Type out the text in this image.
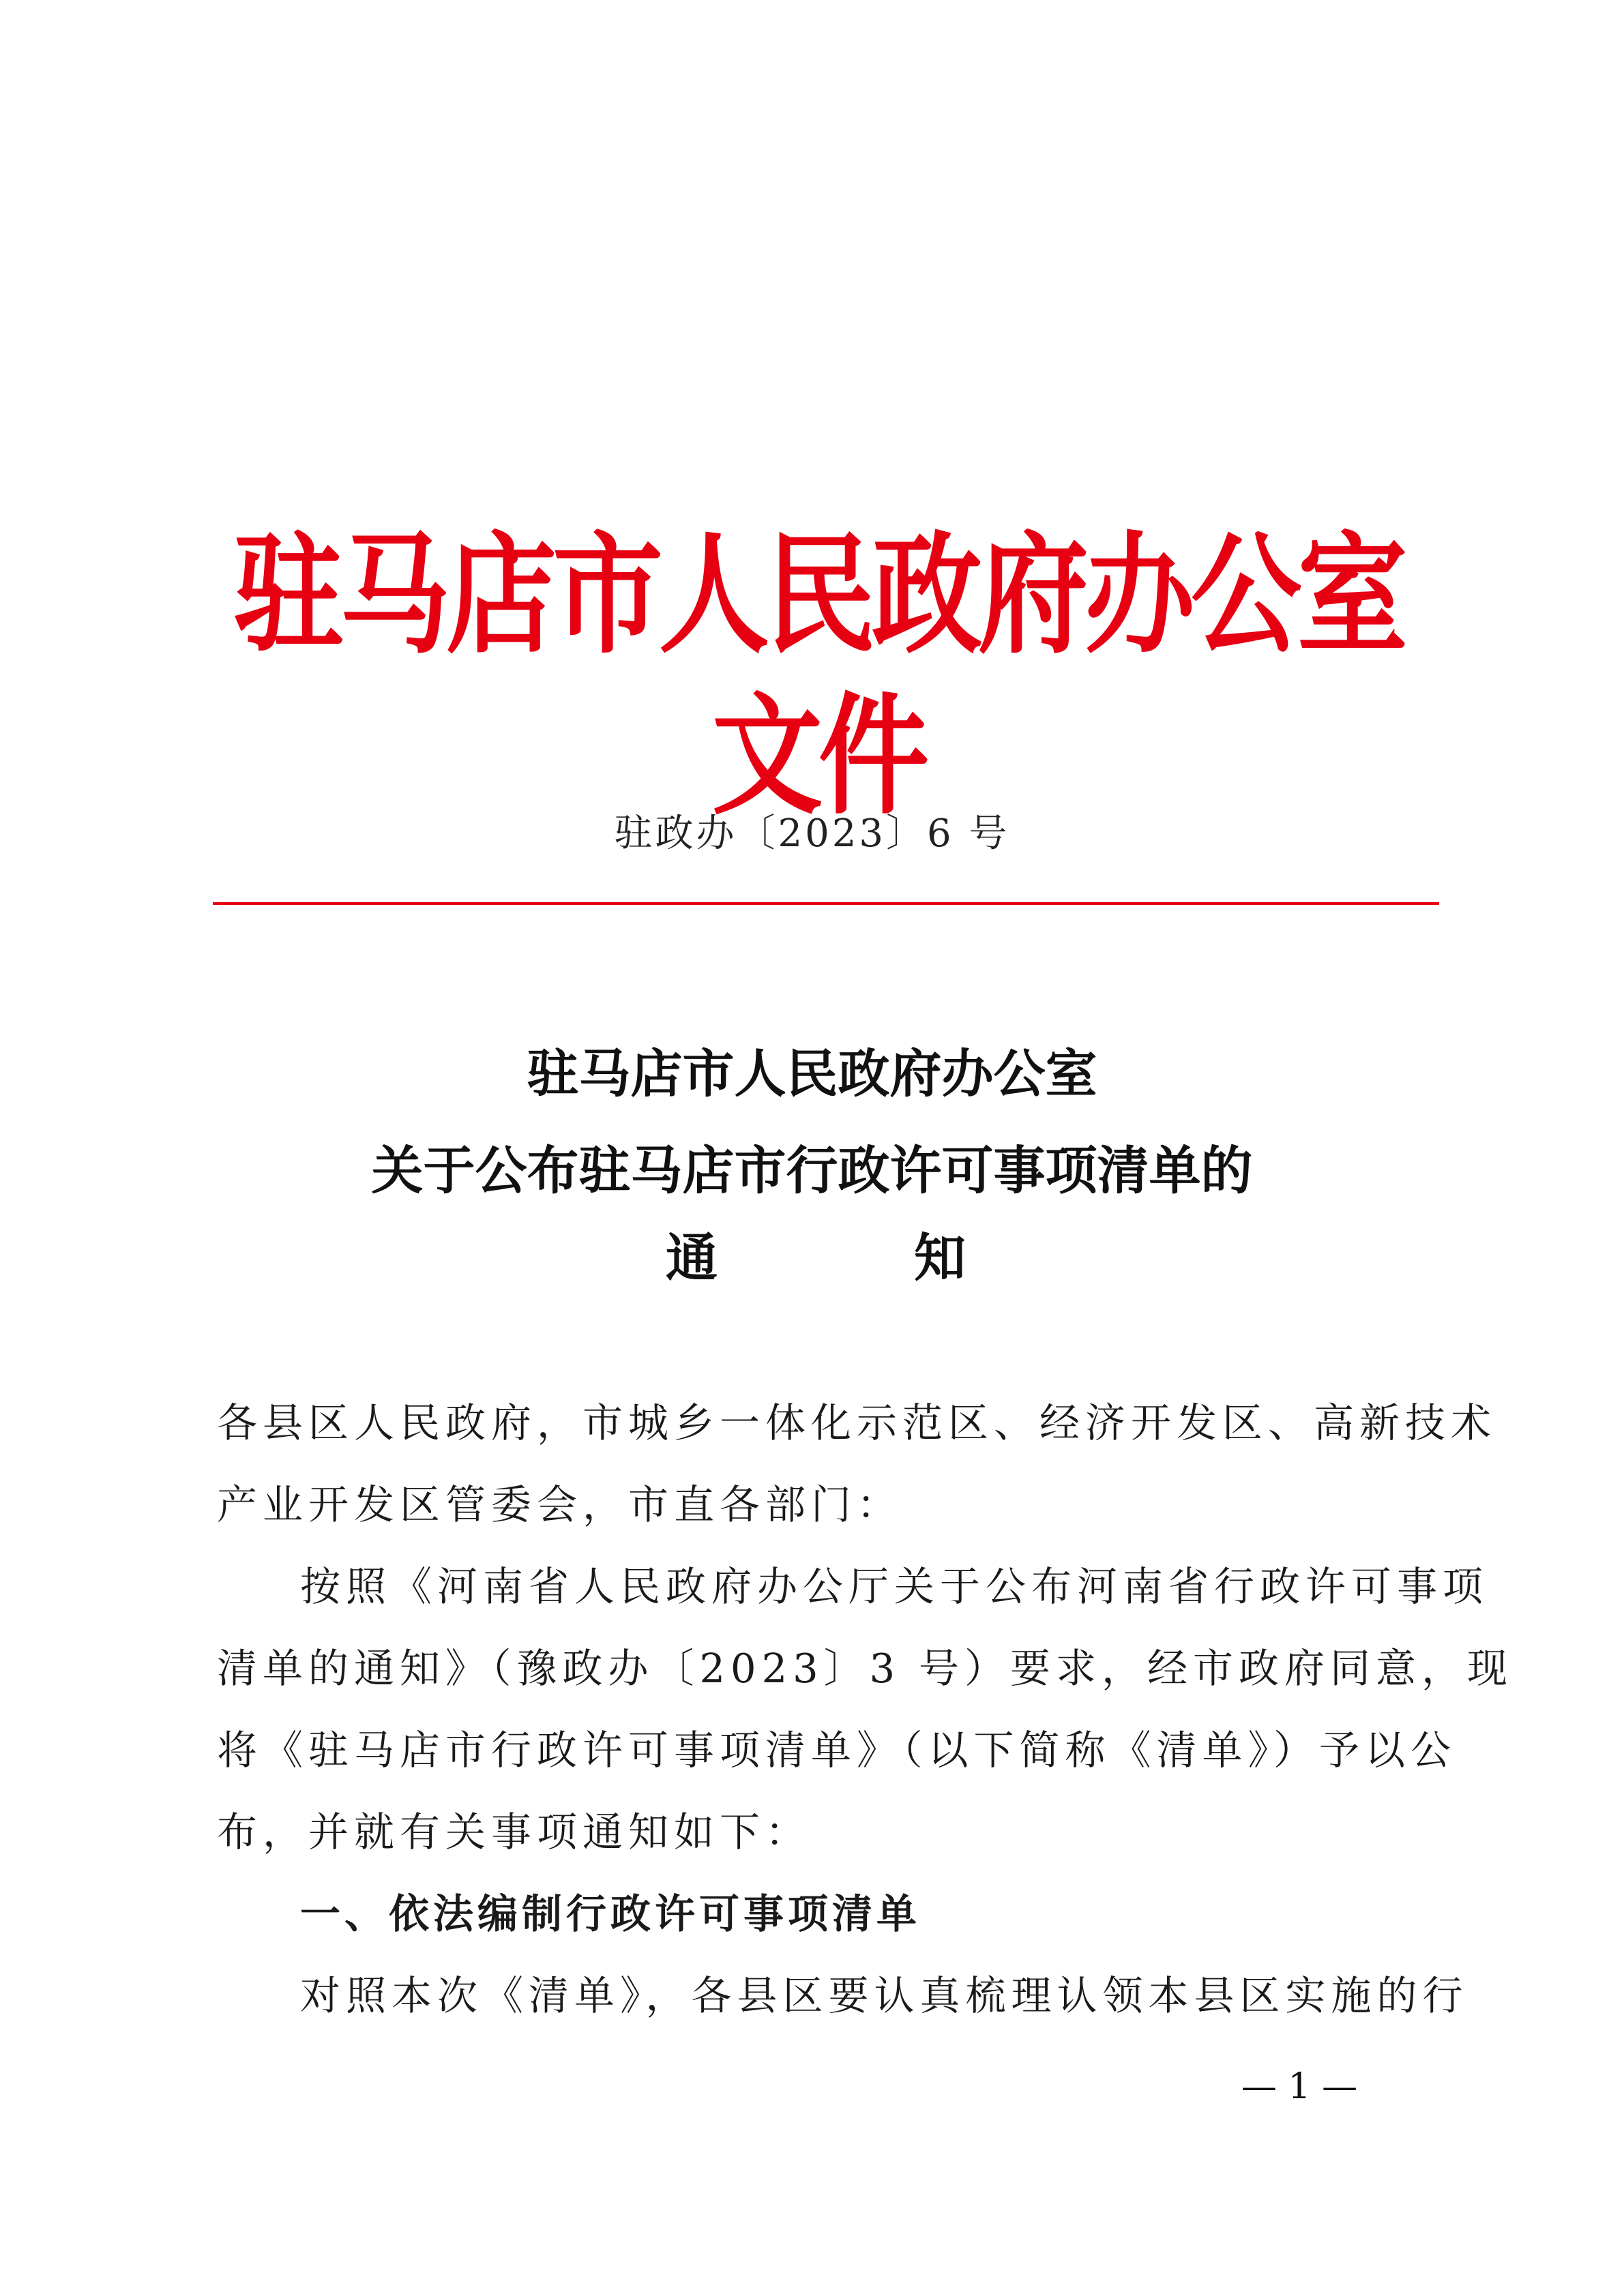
驻马店市人民政府办公室文件
驻政办〔2023〕6 号
驻马店市人民政府办公室
关于公布驻马店市行政许可事项清单的
通	知
各县区人民政府，市城乡一体化示范区、经济开发区、高新技术
产业开发区管委会，市直各部门：
按照《河南省人民政府办公厅关于公布河南省行政许可事项
清单的通知》（豫政办〔2023〕3 号）要求，经市政府同意，现
将《驻马店市行政许可事项清单》（以下简称《清单》）予以公
布，并就有关事项通知如下：
一、依法编制行政许可事项清单
对照本次《清单》，各县区要认真梳理认领本县区实施的行
— 1 —
